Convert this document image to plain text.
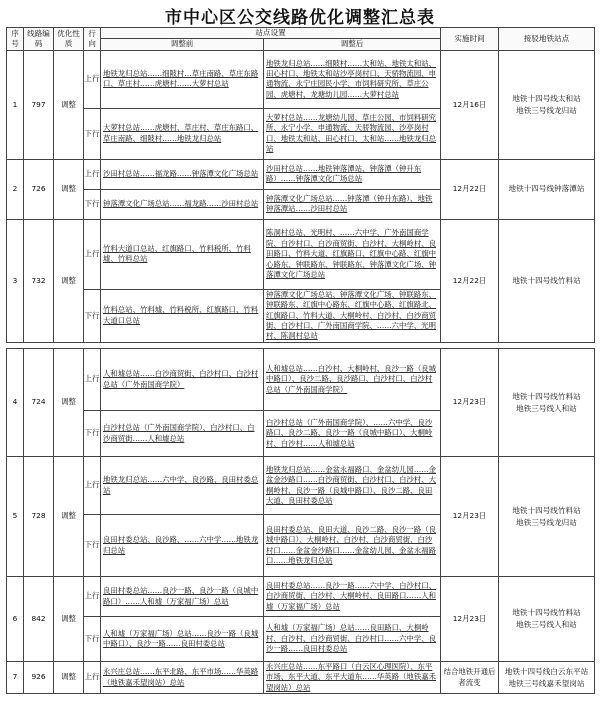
市中心区公交线路优化调整汇总表
序号	线路编码	优化性质	行向	站点设置		实施时间	接驳地铁站点
				调整前	调整后		
1	797	调整	上行	地铁龙归总站……细陂村…草庄南路、草庄东路口、草庄村……虎塘村……大萝村总站	地铁龙归总站……细陂村……太和站、地铁太和站、田心村口、地铁太和站沙亭岗村口、天骄物流园、申通物流、永宁庄园民小学、市饲料研究所、草庄公园、虎塘村、龙塘幼儿园……大萝村总站	12月16日	地铁十四号线太和站
地铁三号线龙归站

			下行	大萝村总站……虎塘村、草庄村、草庄东路口、草庄南路、细陂村……地铁龙归总站	大萝村总站……龙塘幼儿园、草庄公园、市饲料研究所、永宁小学、申通物流、天骄物流园、沙亭岗村口、地铁太和站、田心村口、太和站……地铁龙归总站		
2	726	调整	上行	沙田村总站……福龙路……钟落潭文化广场总站	沙田村总站……地铁钟落潭站、钟落潭（钟升东路）……钟落潭文化广场总站	12月22日	地铁十四号线钟落潭站

			下行	钟落潭文化广场总站……福龙路……沙田村总站	钟落潭文化广场总站……钟落潭（钟升东路）、地铁钟落潭站……沙田村总站		
3	732	调整	上行	竹料大道口总站、红旗路口、竹料税所、竹料墟、竹料总站	陈洞村总站、光明村、……六中学、广外南国商学院、白沙村口、白沙商贸街、白沙村、大桐岭村、良田路口、竹料大道、红旗路口、红旗中心路、红旗中心路东、钟联路东、钟联路东、钟落潭文化广场、钟落潭文化广场总站	12月22日	地铁十四号线竹料站

			下行	竹料总站、竹料墟、竹料税所、红旗路口、竹料大道口总站	钟落潭文化广场总站、钟落潭文化广场、钟联路东、钟联路东、红旗中心路东、红旗中心路、红旗路北、红旗路口、竹料大道、大桐岭村、白沙村、白沙商贸街、白沙村口、广外南国商学院、……六中学、光明村、陈洞村总站		
4	724	调整	上行	人和墟总站……白沙商贸街、白沙村口、白沙村总站（广外南国商学院）	人和墟总站……白沙村、大桐岭村、良沙一路（良城中路口）、良沙二路、良沙路口、白沙村口、白沙村总站（广外南国商学院）	12月23日	地铁十四号线竹料站
地铁三号线人和站

			下行	白沙村总站（广外南国商学院）、白沙村口、白沙商贸街……人和墟总站	白沙村总站（广外南国商学院）、……六中学、良沙路口、良沙二路、良沙一路（良城中路口）、大桐岭村、白沙村……人和墟总站		
5	728	调整	上行	地铁龙归总站……六中学、良沙路、良田村委总站	地铁龙归总站……金盆永福路口、金盆幼儿园……金盆金沙路口……白沙商贸街、白沙村口、白沙村、大桐岭村、良沙一路（良城中路口）、良沙二路、良田大道、良田村委总站	12月23日	地铁十四号线竹料站
地铁三号线龙归站

			下行	良田村委总站、良沙路、……六中学……地铁龙归总站	良田村委总站、良田大道、良沙二路、良沙一路（良城中路口）、大桐岭村、白沙村、白沙商贸街、白沙村口……金盆金沙路口……金盆幼儿园、金盆永福路口……地铁龙归总站		
6	842	调整	上行	良田村委总站……良沙一路、良沙一路（良城中路口）……人和墟（万家福广场）总站	良田村委总站……良沙一路……六中学、白沙村口、白沙商贸街、白沙村、大桐岭村、良田路口……人和墟（万家福广场）总站	12月23日	地铁十四号线竹料站
地铁三号线人和站

			下行	人和墟（万家福广场）总站……良沙一路（良城中路口）、良沙一路……良田村委总站	人和墟（万家福广场）总站……良田路口、大桐岭村、白沙村、白沙商贸街、白沙村口……六中学、良沙一路……良田村委总站		
7	926	调整	上行	永兴庄总站……东平北路、东平市场……华英路（地铁嘉禾望岗站）总站	永兴庄总站……东平路口（白云区心理医院）、东平市场、东平大道、东平大道东……华英路（地铁嘉禾望岗站）总站	结合地铁开通后者流变	地铁十四号线白云东平站
地铁三号线嘉禾望岗站
